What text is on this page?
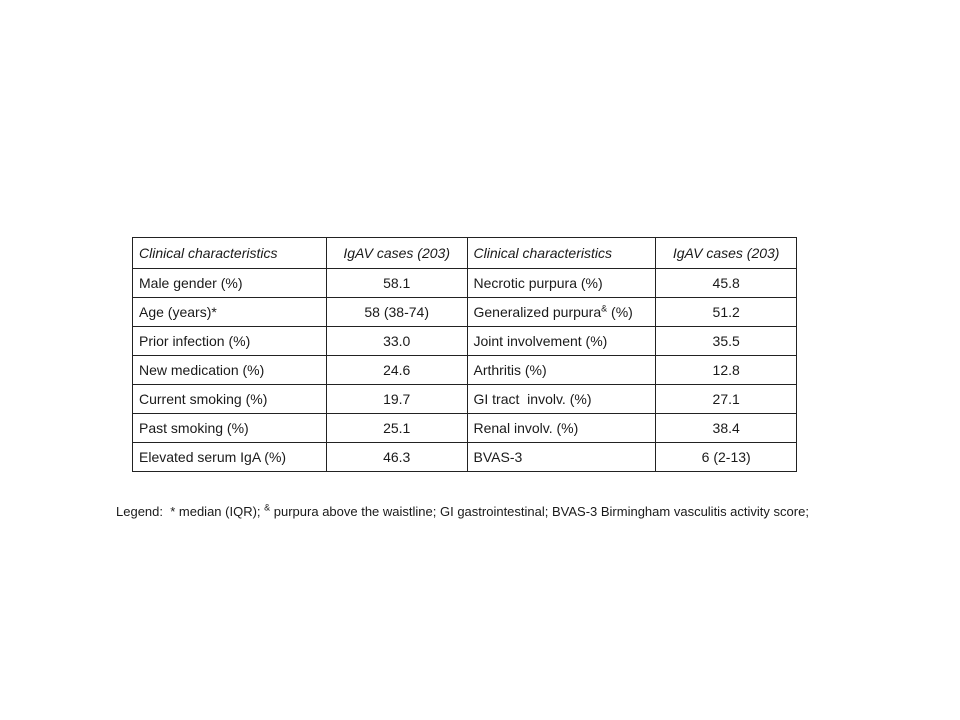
Clinical characteristics	IgAV cases (203)	Clinical characteristics	IgAV cases (203)
Male gender (%)	58.1	Necrotic purpura (%)	45.8
Age (years)*	58 (38-74)	Generalized purpura& (%)	51.2
Prior infection (%)	33.0	Joint involvement (%)	35.5
New medication (%)	24.6	Arthritis (%)	12.8
Current smoking (%)	19.7	GI tract  involv. (%)	27.1
Past smoking (%)	25.1	Renal involv. (%)	38.4
Elevated serum IgA (%)	46.3	BVAS-3	6 (2-13)
Legend:  * median (IQR); & purpura above the waistline; GI gastrointestinal; BVAS-3 Birmingham vasculitis activity score;
